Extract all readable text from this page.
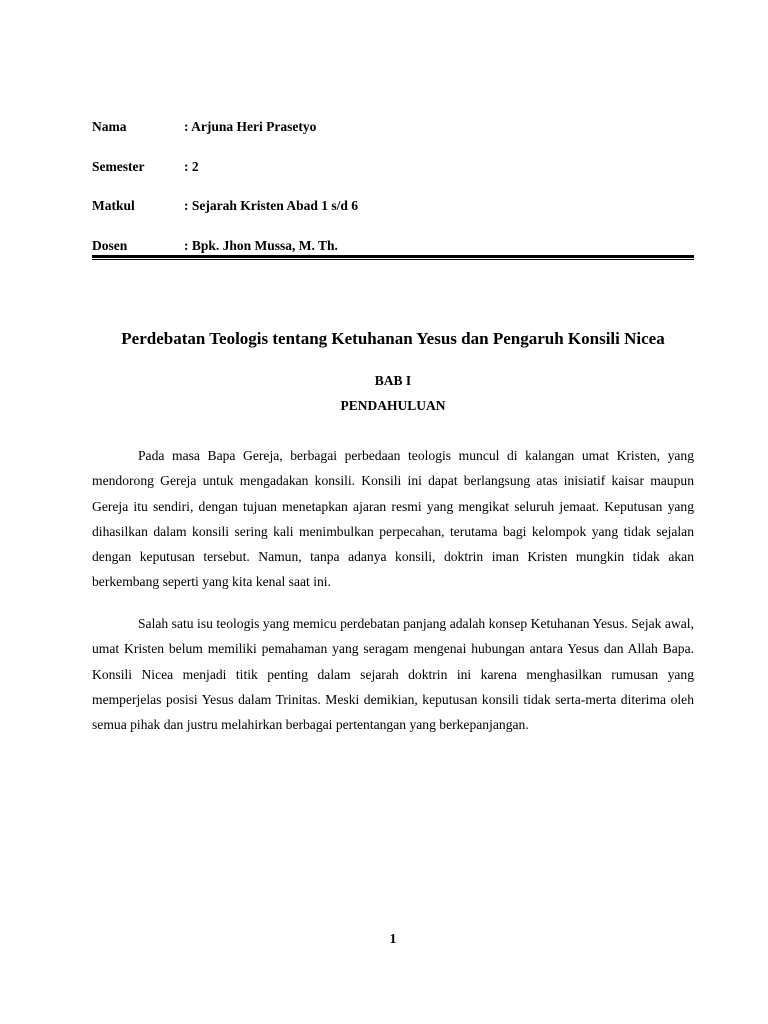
Nama	: Arjuna Heri Prasetyo
Semester	: 2
Matkul	: Sejarah Kristen Abad 1 s/d 6
Dosen	: Bpk. Jhon Mussa, M. Th.
Perdebatan Teologis tentang Ketuhanan Yesus dan Pengaruh Konsili Nicea
BAB I
PENDAHULUAN

Pada masa Bapa Gereja, berbagai perbedaan teologis muncul di kalangan umat Kristen, yang mendorong Gereja untuk mengadakan konsili. Konsili ini dapat berlangsung atas inisiatif kaisar maupun Gereja itu sendiri, dengan tujuan menetapkan ajaran resmi yang mengikat seluruh jemaat. Keputusan yang dihasilkan dalam konsili sering kali menimbulkan perpecahan, terutama bagi kelompok yang tidak sejalan dengan keputusan tersebut. Namun, tanpa adanya konsili, doktrin iman Kristen mungkin tidak akan berkembang seperti yang kita kenal saat ini.

Salah satu isu teologis yang memicu perdebatan panjang adalah konsep Ketuhanan Yesus. Sejak awal, umat Kristen belum memiliki pemahaman yang seragam mengenai hubungan antara Yesus dan Allah Bapa. Konsili Nicea menjadi titik penting dalam sejarah doktrin ini karena menghasilkan rumusan yang memperjelas posisi Yesus dalam Trinitas. Meski demikian, keputusan konsili tidak serta-merta diterima oleh semua pihak dan justru melahirkan berbagai pertentangan yang berkepanjangan.

1
